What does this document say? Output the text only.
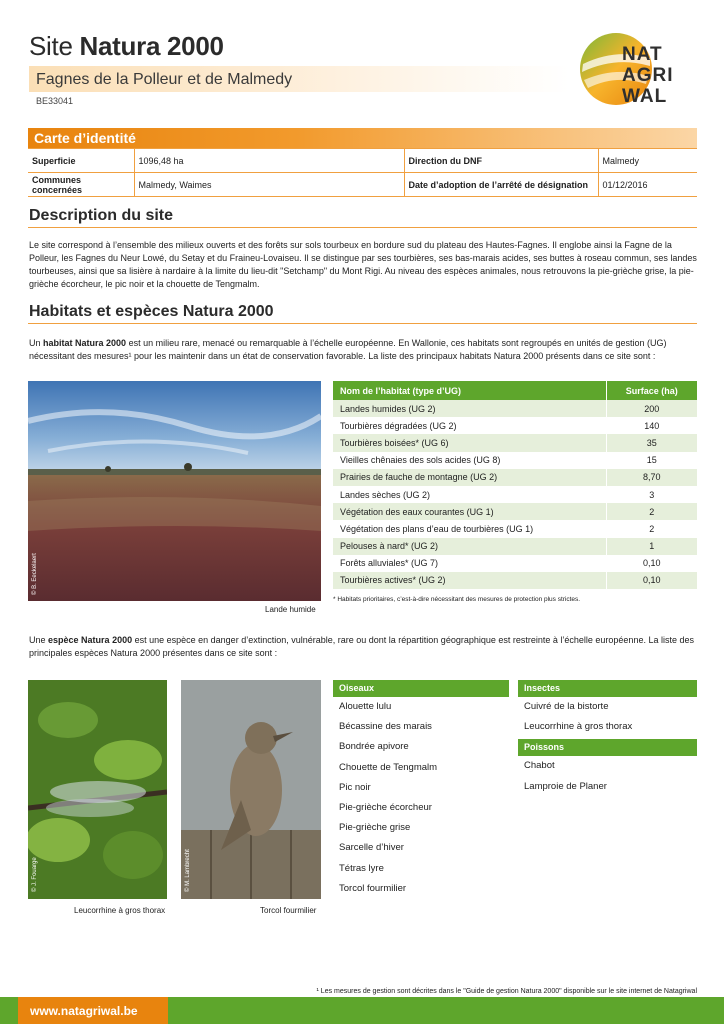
Site Natura 2000
Fagnes de la Polleur et de Malmedy
BE33041
NAT
AGRI
WAL
Carte d’identité
Superficie	1096,48 ha	Direction du DNF	Malmedy
Communes concernées	Malmedy, Waimes	Date d’adoption de l’arrêté de désignation	01/12/2016
Description du site
Le site correspond à l’ensemble des milieux ouverts et des forêts sur sols tourbeux en bordure sud du plateau des Hautes-Fagnes. Il englobe ainsi la Fagne de la Polleur, les Fagnes du Neur Lowé, du Setay et du Fraineu-Lovaiseu. Il se distingue par ses tourbières, ses bas-marais acides, ses buttes à roseau commun, ses landes tourbeuses, ainsi que sa lisière à nardaire à la limite du lieu-dit "Setchamp" du Mont Rigi. Au niveau des espèces animales, nous retrouvons la pie-grièche grise, la pie-grièche écorcheur, le pic noir et la chouette de Tengmalm.
Habitats et espèces Natura 2000
Un habitat Natura 2000 est un milieu rare, menacé ou remarquable à l’échelle européenne. En Wallonie, ces habitats sont regroupés en unités de gestion (UG) nécessitant des mesures¹ pour les maintenir dans un état de conservation favorable. La liste des principaux habitats Natura 2000 présents dans ce site sont :
© B. Eeckelaert
Lande humide
Nom de l’habitat (type d’UG)	Surface (ha)
Landes humides (UG 2)	200
Tourbières dégradées (UG 2)	140
Tourbières boisées* (UG 6)	35
Vieilles chênaies des sols acides (UG 8)	15
Prairies de fauche de montagne (UG 2)	8,70
Landes sèches (UG 2)	3
Végétation des eaux courantes (UG 1)	2
Végétation des plans d’eau de tourbières (UG 1)	2
Pelouses à nard* (UG 2)	1
Forêts alluviales* (UG 7)	0,10
Tourbières actives* (UG 2)	0,10
* Habitats prioritaires, c’est-à-dire nécessitant des mesures de protection plus strictes.
Une espèce Natura 2000 est une espèce en danger d’extinction, vulnérable, rare ou dont la répartition géographique est restreinte à l’échelle européenne. La liste des principales espèces Natura 2000 présentes dans ce site sont :
© J. Fouarge
Leucorrhine à gros thorax
© M. Lambrecht
Torcol fourmilier
Oiseaux
Alouette lulu
Bécassine des marais
Bondrée apivore
Chouette de Tengmalm
Pic noir
Pie-grièche écorcheur
Pie-grièche grise
Sarcelle d’hiver
Tétras lyre
Torcol fourmilier
Insectes
Cuivré de la bistorte
Leucorrhine à gros thorax
Poissons
Chabot
Lamproie de Planer
¹ Les mesures de gestion sont décrites dans le "Guide de gestion Natura 2000" disponible sur le site internet de Natagriwal
www.natagriwal.be
